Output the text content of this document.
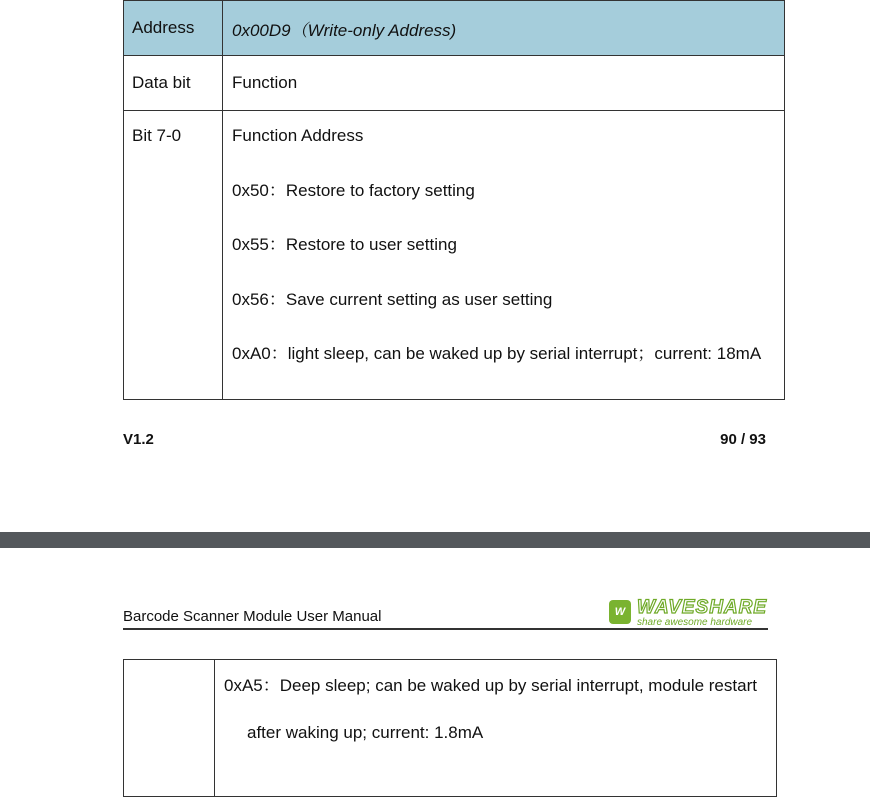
Address	0x00D9（Write-only Address)
Data bit	Function
Bit 7-0	Function Address
0x50：Restore to factory setting
0x55：Restore to user setting
0x56：Save current setting as user setting
0xA0：light sleep, can be waked up by serial interrupt；current: 18mA
V1.2	90 / 93
Barcode Scanner Module User Manual	W WAVESHARE
share awesome hardware

0xA5：Deep sleep; can be waked up by serial interrupt, module restart
after waking up; current: 1.8mA
